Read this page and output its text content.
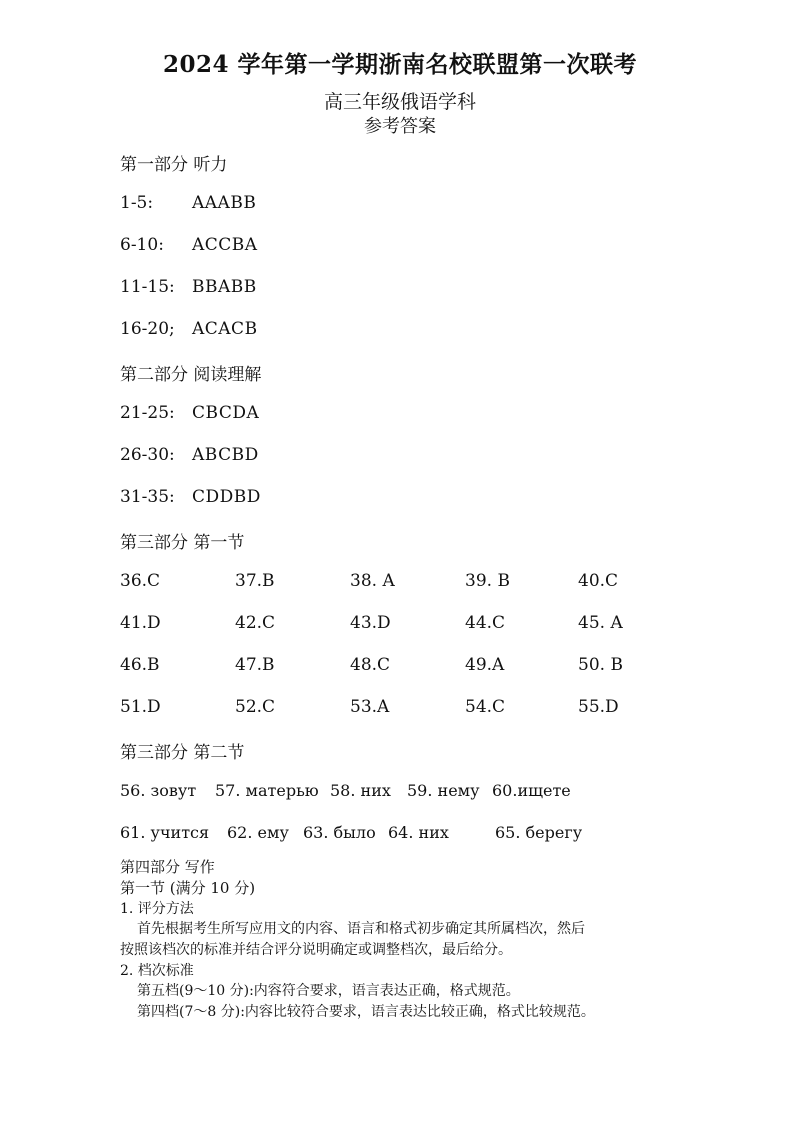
2024 学年第一学期浙南名校联盟第一次联考
高三年级俄语学科
参考答案
第一部分 听力
1-5: AAABB
6-10: ACCBA
11-15: BBABB
16-20; ACACB
第二部分 阅读理解
21-25: CBCDA
26-30: ABCBD
31-35: CDDBD
第三部分 第一节
36.C	37.B	38. A	39. B	40.C
41.D	42.C	43.D	44.C	45. A
46.B	47.B	48.C	49.A	50. B
51.D	52.C	53.A	54.C	55.D
第三部分 第二节
56. зовут 57. матерью 58. них 59. нему 60.ищете
61. учится 62. ему 63. было 64. них	65. берегу
第四部分 写作
第一节 (满分 10 分)
1. 评分方法
首先根据考生所写应用文的内容、语言和格式初步确定其所属档次，然后
按照该档次的标准并结合评分说明确定或调整档次，最后给分。
2. 档次标准
第五档(9～10 分):内容符合要求，语言表达正确，格式规范。
第四档(7～8 分):内容比较符合要求，语言表达比较正确，格式比较规范。
